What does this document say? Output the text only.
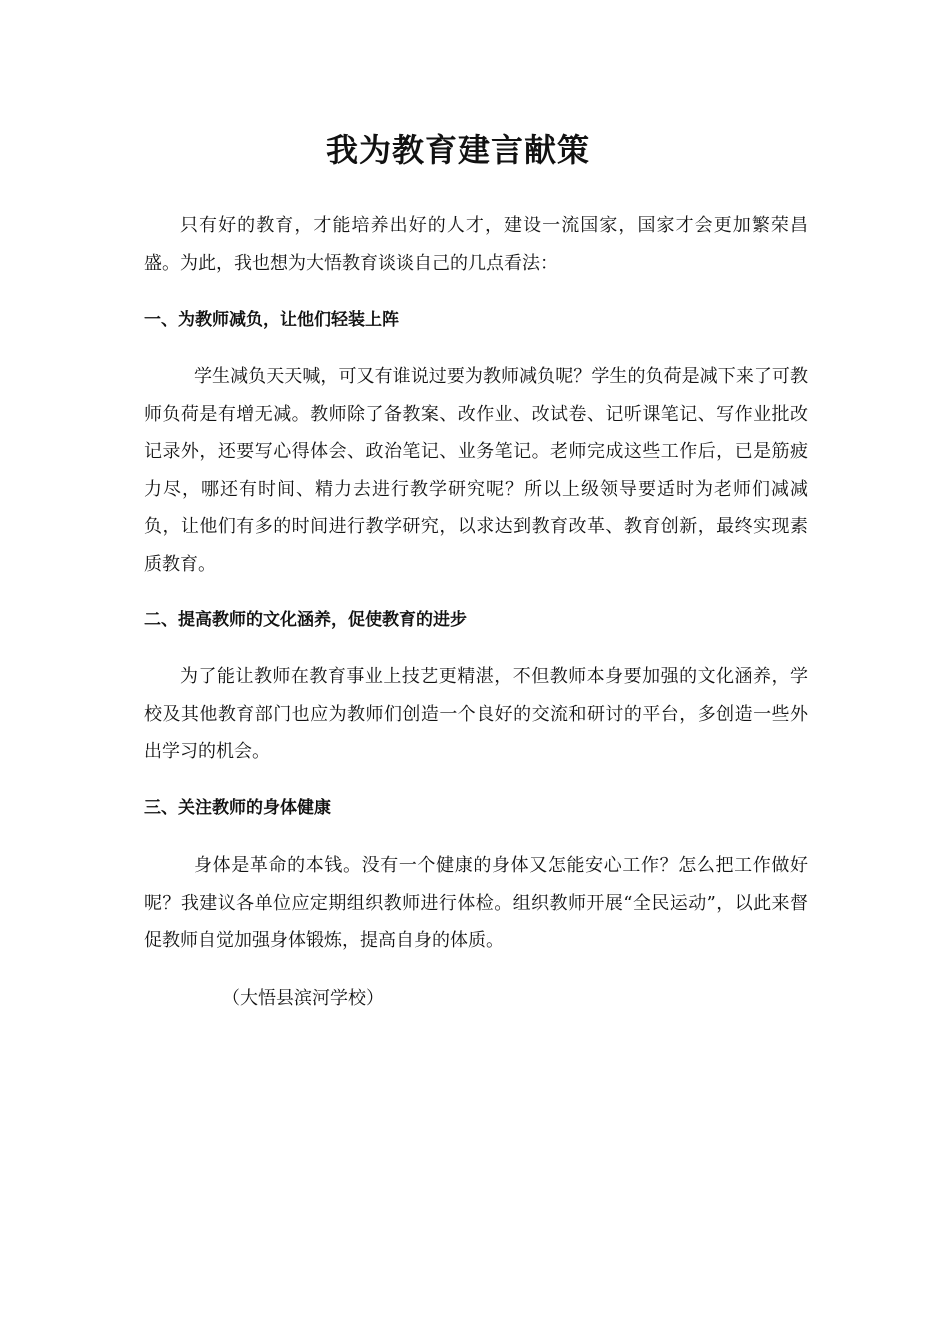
我为教育建言献策

只有好的教育，才能培养出好的人才，建设一流国家，国家才会更加繁荣昌盛。为此，我也想为大悟教育谈谈自己的几点看法：

一、为教师减负，让他们轻装上阵

学生减负天天喊，可又有谁说过要为教师减负呢？学生的负荷是减下来了可教师负荷是有增无减。教师除了备教案、改作业、改试卷、记听课笔记、写作业批改记录外，还要写心得体会、政治笔记、业务笔记。老师完成这些工作后，已是筋疲力尽，哪还有时间、精力去进行教学研究呢？所以上级领导要适时为老师们减减负，让他们有多的时间进行教学研究，以求达到教育改革、教育创新，最终实现素质教育。

二、提高教师的文化涵养，促使教育的进步

为了能让教师在教育事业上技艺更精湛，不但教师本身要加强的文化涵养，学校及其他教育部门也应为教师们创造一个良好的交流和研讨的平台，多创造一些外出学习的机会。

三、关注教师的身体健康

身体是革命的本钱。没有一个健康的身体又怎能安心工作？怎么把工作做好呢？我建议各单位应定期组织教师进行体检。组织教师开展“全民运动”，以此来督促教师自觉加强身体锻炼，提高自身的体质。

（大悟县滨河学校）
